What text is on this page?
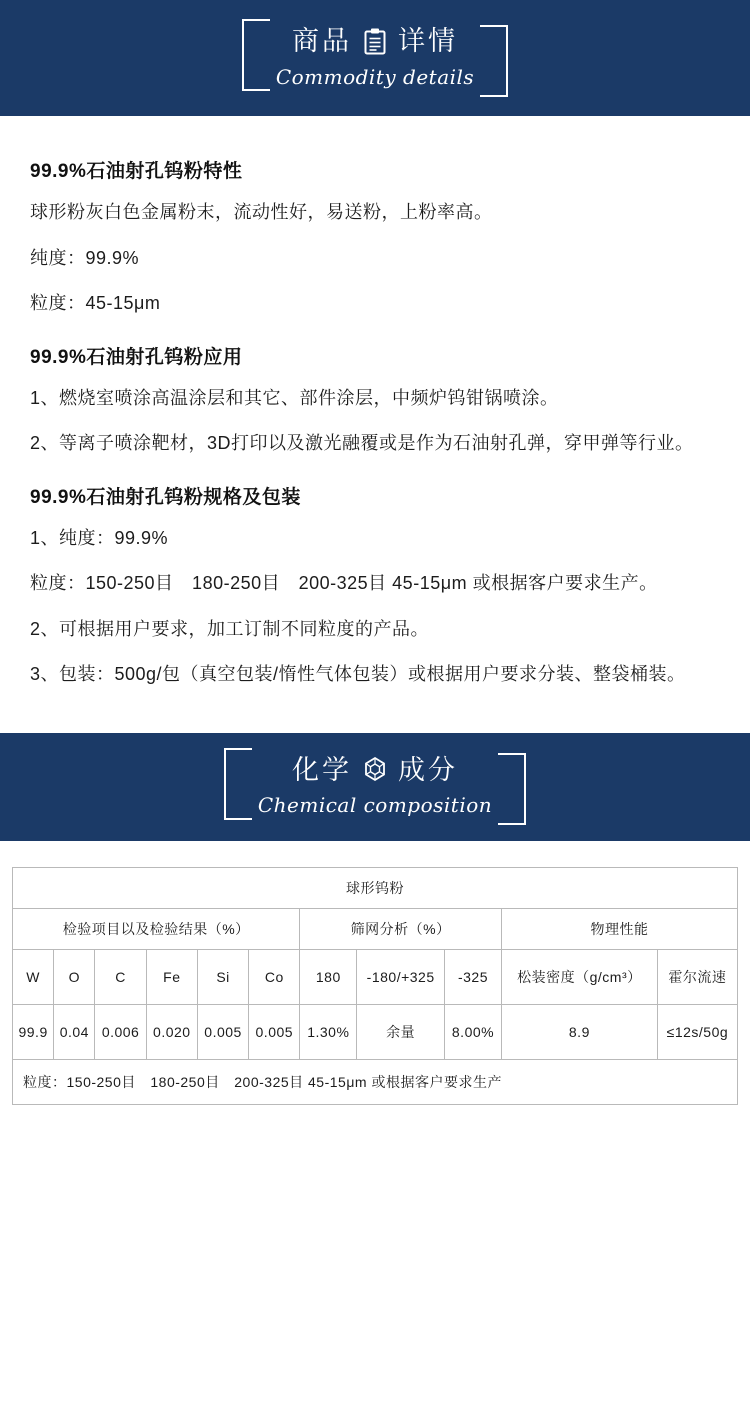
商品 详情
Commodity details
99.9%石油射孔钨粉特性

球形粉灰白色金属粉末，流动性好，易送粉，上粉率高。

纯度：99.9%

粒度：45-15μm

99.9%石油射孔钨粉应用

1、燃烧室喷涂高温涂层和其它、部件涂层，中频炉钨钳锅喷涂。

2、等离子喷涂靶材，3D打印以及激光融覆或是作为石油射孔弹，穿甲弹等行业。

99.9%石油射孔钨粉规格及包装

1、纯度：99.9%

粒度：150-250目　180-250目　200-325目 45-15μm 或根据客户要求生产。

2、可根据用户要求，加工订制不同粒度的产品。

3、包装：500g/包（真空包装/惰性气体包装）或根据用户要求分装、整袋桶装。

化学 成分
Chemical composition
球形钨粉										
检验项目以及检验结果（%）						筛网分析（%）			物理性能	
W	O	C	Fe	Si	Co	180	-180/+325	-325	松装密度（g/cm³）	霍尔流速
99.9	0.04	0.006	0.020	0.005	0.005	1.30%	余量	8.00%	8.9	≤12s/50g
粒度：150-250目　180-250目　200-325目 45-15μm 或根据客户要求生产										
